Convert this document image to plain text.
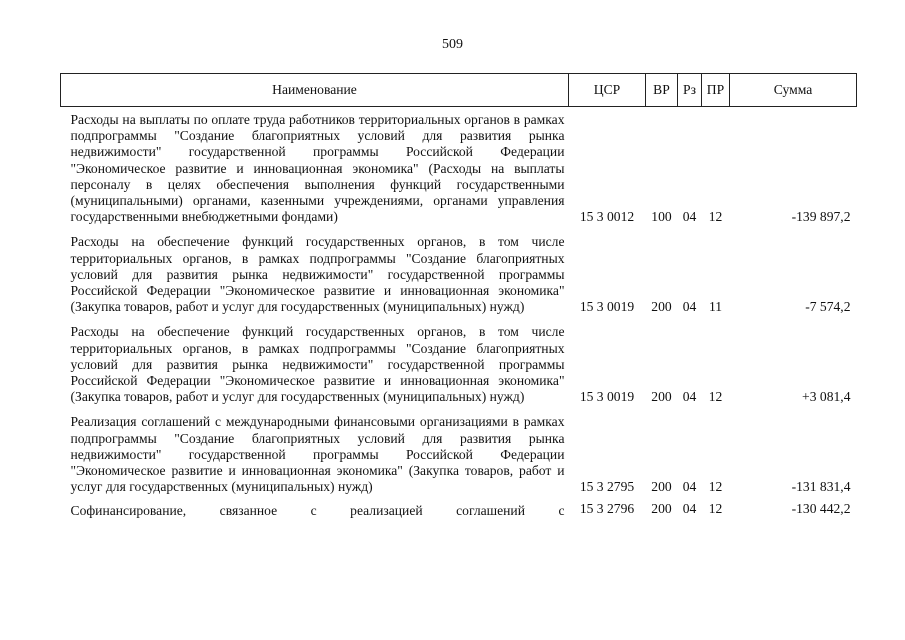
509
Наименование	ЦСР	ВР	Рз	ПР	Сумма
Расходы на выплаты по оплате труда работников территориальных органов в рамках подпрограммы "Создание благоприятных условий для развития рынка недвижимости" государственной программы Российской Федерации "Экономическое развитие и инновационная экономика" (Расходы на выплаты персоналу в целях обеспечения выполнения функций государственными (муниципальными) органами, казенными учреждениями, органами управления государственными внебюджетными фондами)	15 3 0012	100	04	12	-139 897,2
Расходы на обеспечение функций государственных органов, в том числе территориальных органов, в рамках подпрограммы "Создание благоприятных условий для развития рынка недвижимости" государственной программы Российской Федерации "Экономическое развитие и инновационная экономика" (Закупка товаров, работ и услуг для государственных (муниципальных) нужд)	15 3 0019	200	04	11	-7 574,2
Расходы на обеспечение функций государственных органов, в том числе территориальных органов, в рамках подпрограммы "Создание благоприятных условий для развития рынка недвижимости" государственной программы Российской Федерации "Экономическое развитие и инновационная экономика" (Закупка товаров, работ и услуг для государственных (муниципальных) нужд)	15 3 0019	200	04	12	+3 081,4
Реализация соглашений с международными финансовыми организациями в рамках подпрограммы "Создание благоприятных условий для развития рынка недвижимости" государственной программы Российской Федерации "Экономическое развитие и инновационная экономика" (Закупка товаров, работ и услуг для государственных (муниципальных) нужд)	15 3 2795	200	04	12	-131 831,4
Софинансирование, связанное с реализацией соглашений с	15 3 2796	200	04	12	-130 442,2
